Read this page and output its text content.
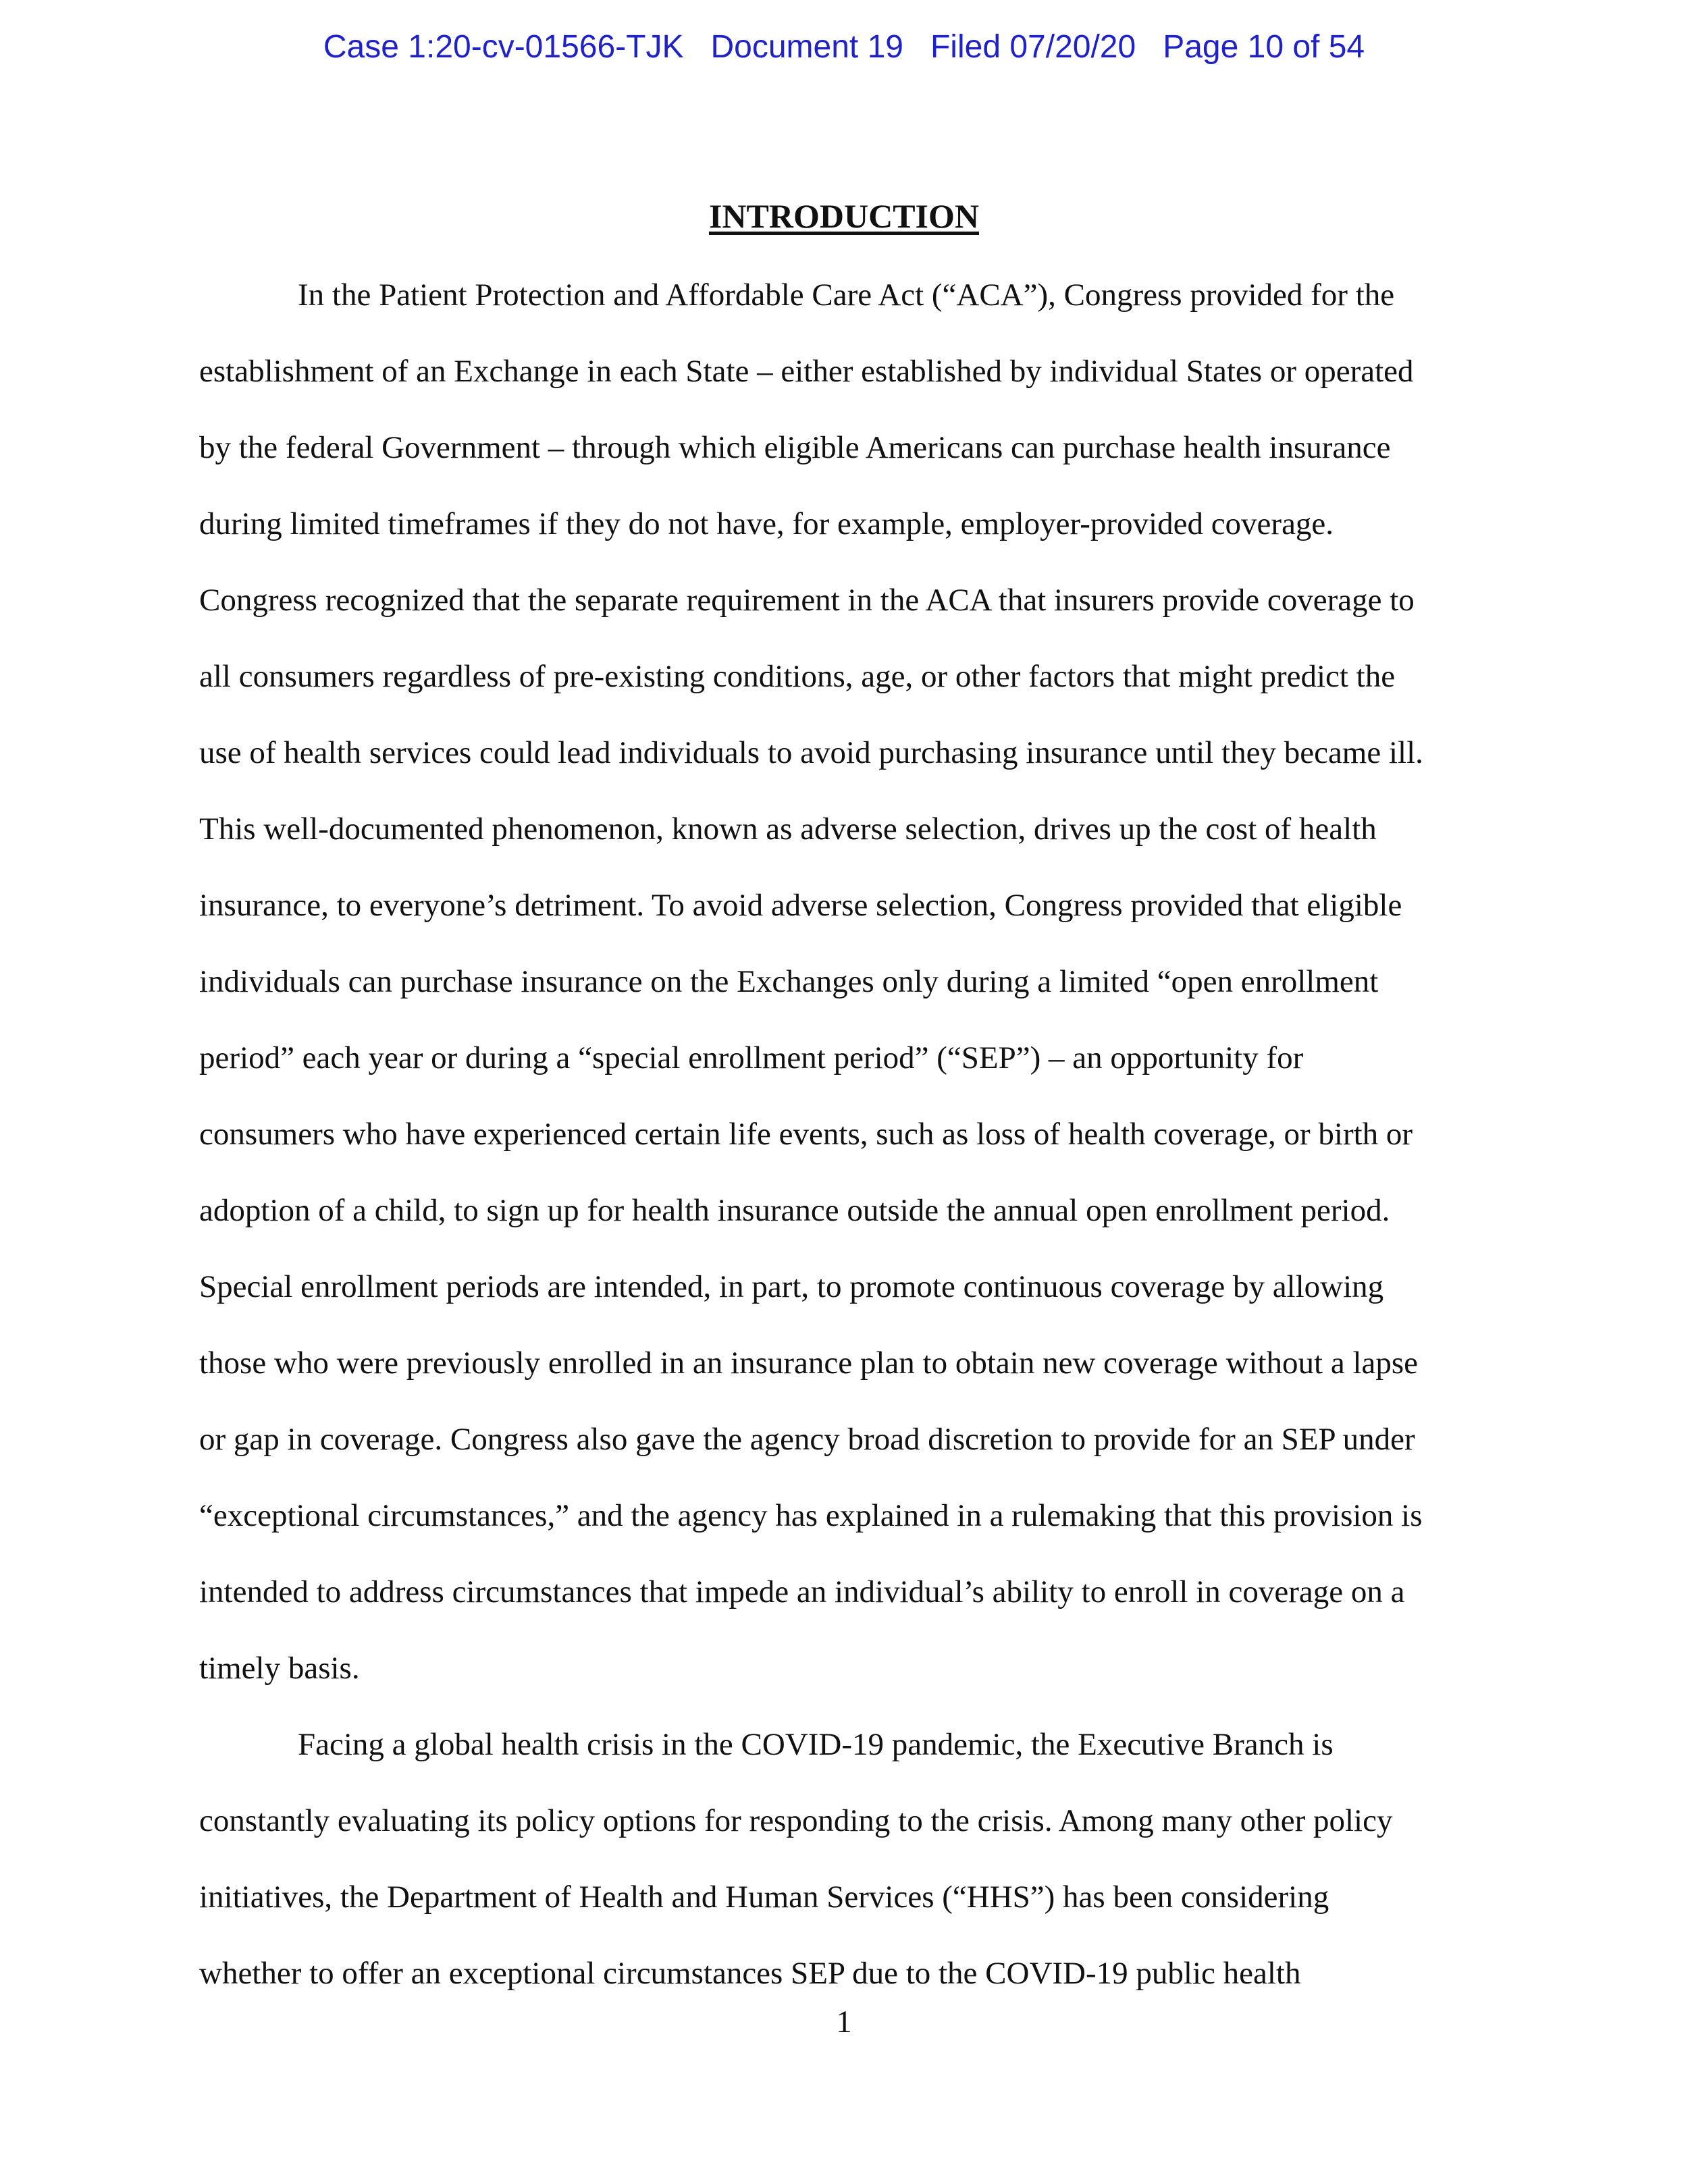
Case 1:20-cv-01566-TJK Document 19 Filed 07/20/20 Page 10 of 54
INTRODUCTION
In the Patient Protection and Affordable Care Act (“ACA”), Congress provided for the
establishment of an Exchange in each State – either established by individual States or operated
by the federal Government – through which eligible Americans can purchase health insurance
during limited timeframes if they do not have, for example, employer-provided coverage.
Congress recognized that the separate requirement in the ACA that insurers provide coverage to
all consumers regardless of pre-existing conditions, age, or other factors that might predict the
use of health services could lead individuals to avoid purchasing insurance until they became ill.
This well-documented phenomenon, known as adverse selection, drives up the cost of health
insurance, to everyone’s detriment. To avoid adverse selection, Congress provided that eligible
individuals can purchase insurance on the Exchanges only during a limited “open enrollment
period” each year or during a “special enrollment period” (“SEP”) – an opportunity for
consumers who have experienced certain life events, such as loss of health coverage, or birth or
adoption of a child, to sign up for health insurance outside the annual open enrollment period.
Special enrollment periods are intended, in part, to promote continuous coverage by allowing
those who were previously enrolled in an insurance plan to obtain new coverage without a lapse
or gap in coverage. Congress also gave the agency broad discretion to provide for an SEP under
“exceptional circumstances,” and the agency has explained in a rulemaking that this provision is
intended to address circumstances that impede an individual’s ability to enroll in coverage on a
timely basis.
Facing a global health crisis in the COVID-19 pandemic, the Executive Branch is
constantly evaluating its policy options for responding to the crisis. Among many other policy
initiatives, the Department of Health and Human Services (“HHS”) has been considering
whether to offer an exceptional circumstances SEP due to the COVID-19 public health
1
